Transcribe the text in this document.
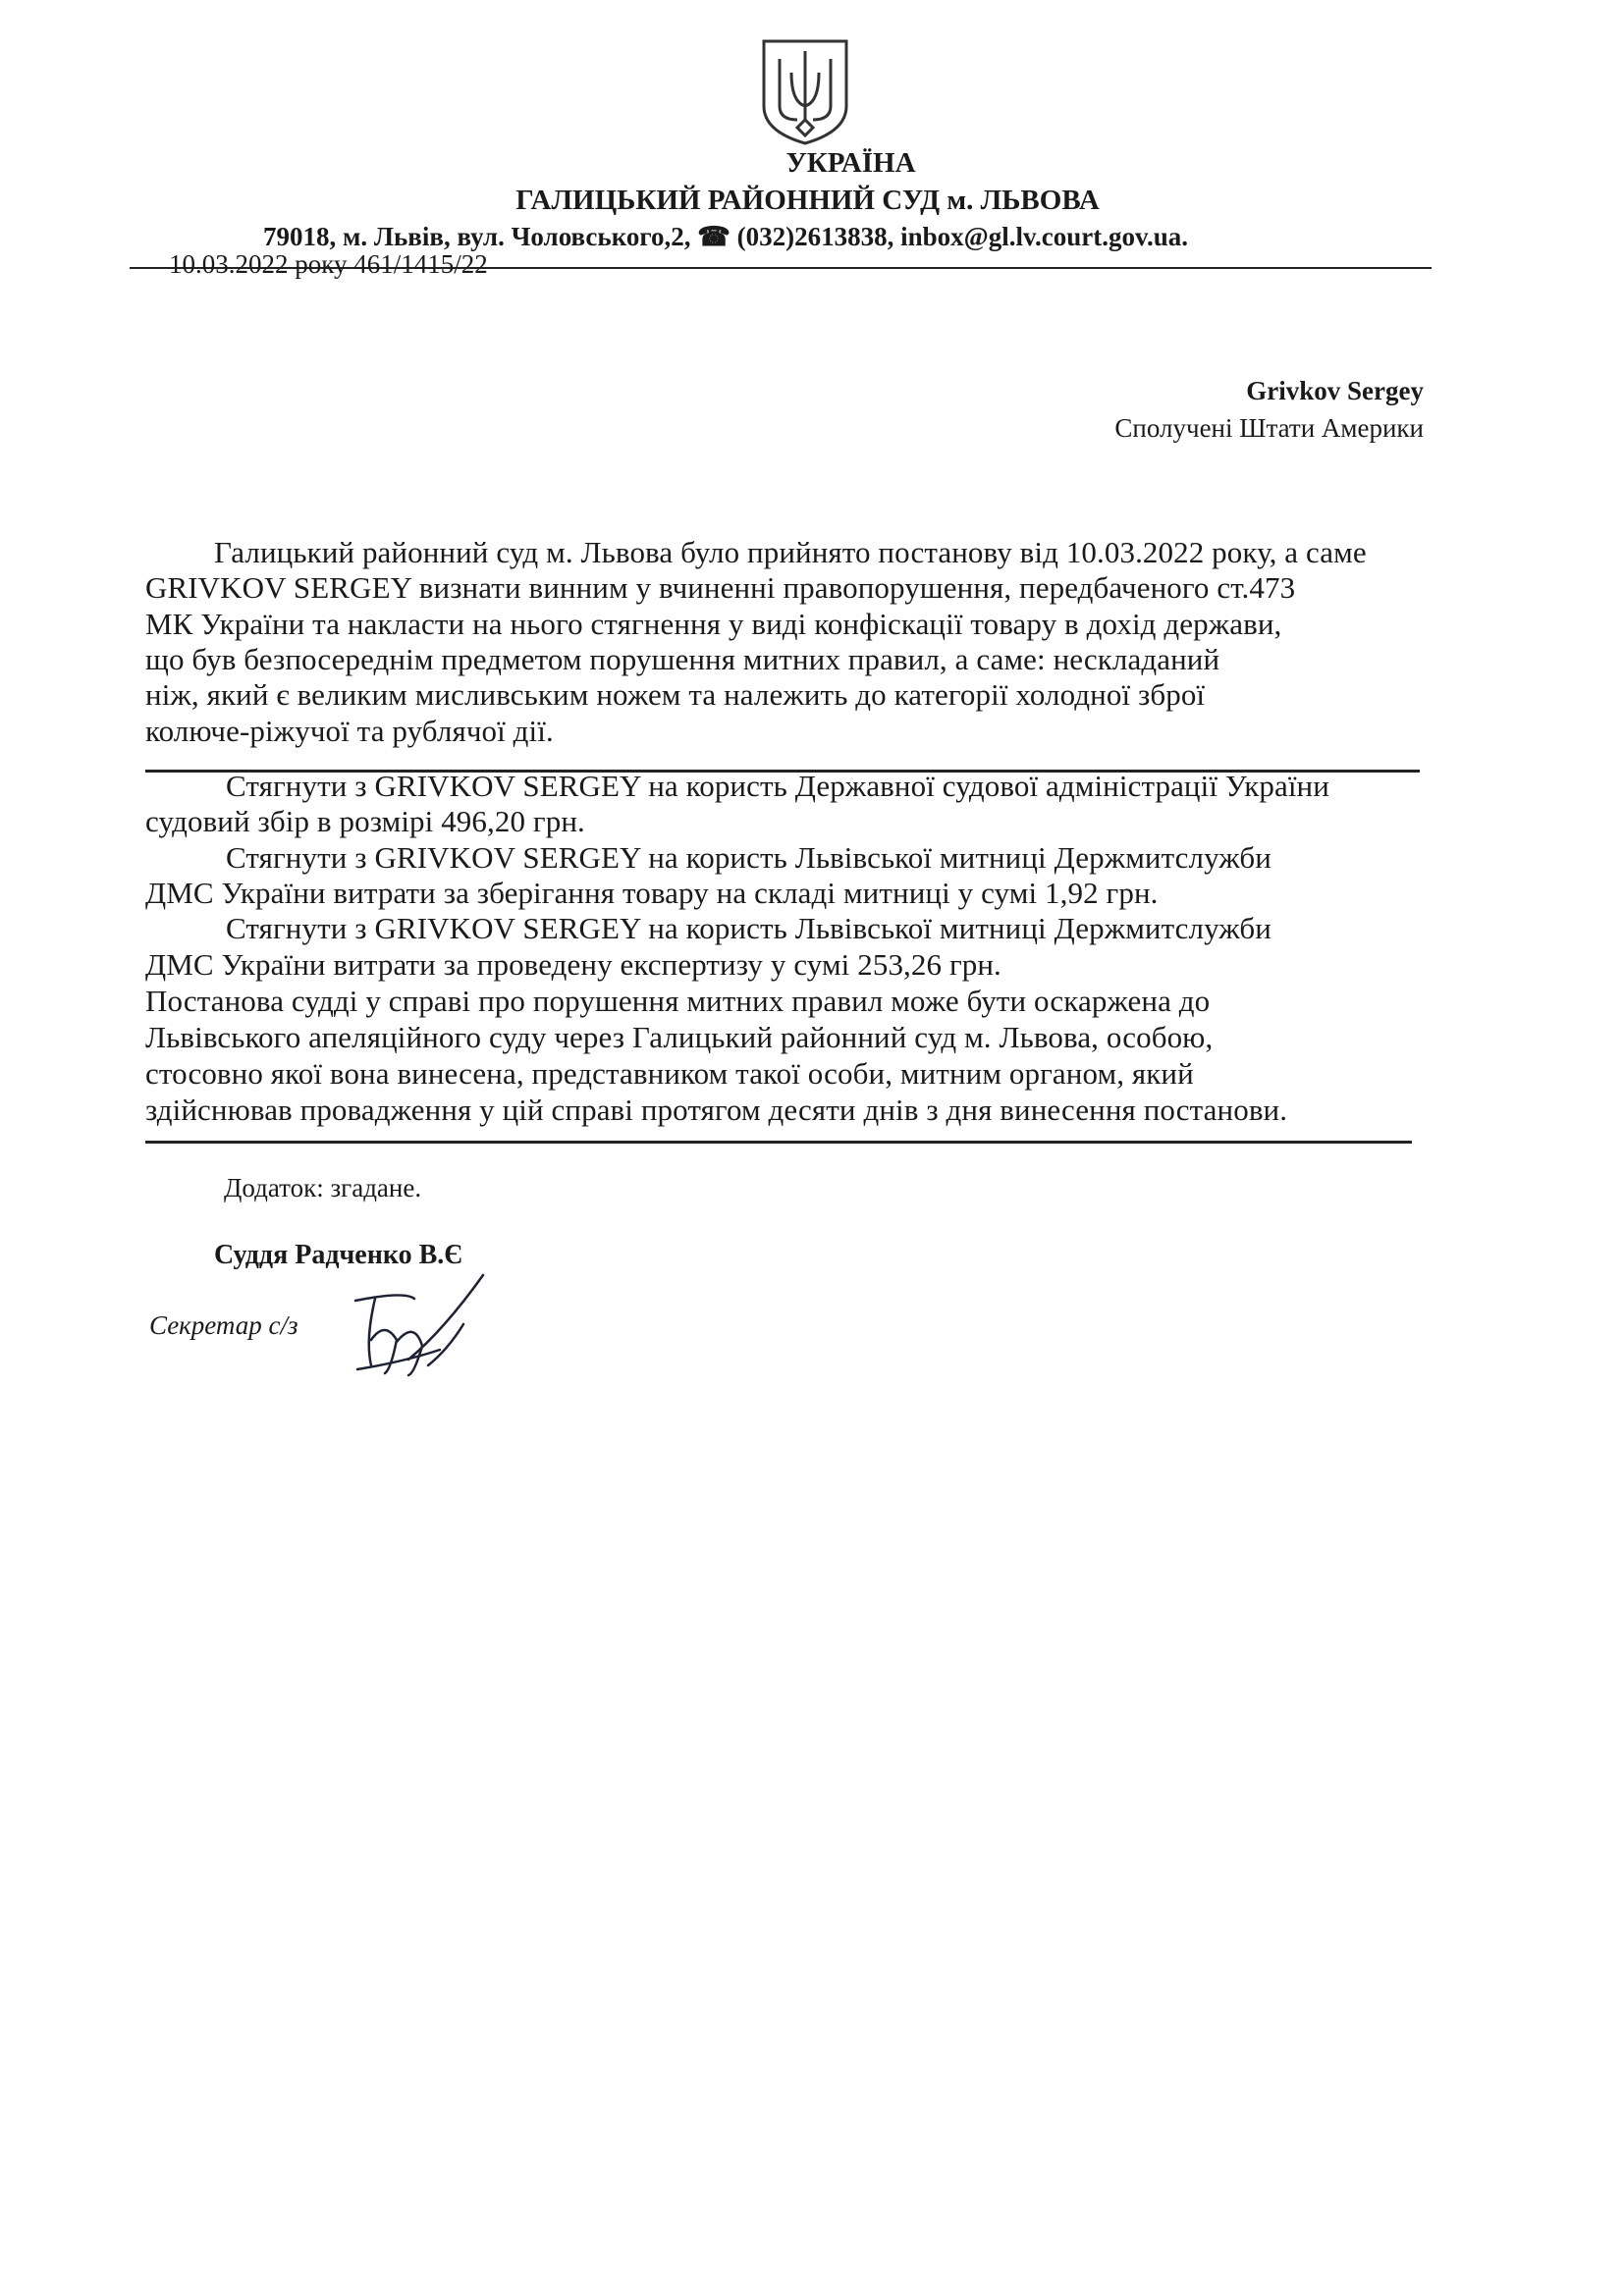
УКРАЇНА
ГАЛИЦЬКИЙ РАЙОННИЙ СУД м. ЛЬВОВА
79018, м. Львів, вул. Чоловського,2, ☎ (032)2613838, inbox@gl.lv.court.gov.ua.
10.03.2022 року 461/1415/22
Grivkov Sergey
Сполучені Штати Америки
Галицький районний суд м. Львова було прийнято постанову від 10.03.2022 року, а саме
GRIVKOV SERGEY визнати винним у вчиненні правопорушення, передбаченого ст.473
МК України та накласти на нього стягнення у виді конфіскації товару в дохід держави,
що був безпосереднім предметом порушення митних правил, а саме: нескладаний
ніж, який є великим мисливським ножем та належить до категорії холодної зброї
колюче-ріжучої та рублячої дії.
Стягнути з GRIVKOV SERGEY на користь Державної судової адміністрації України
судовий збір в розмірі 496,20 грн.
Стягнути з GRIVKOV SERGEY на користь Львівської митниці Держмитслужби
ДМС України витрати за зберігання товару на складі митниці у сумі 1,92 грн.
Стягнути з GRIVKOV SERGEY на користь Львівської митниці Держмитслужби
ДМС України витрати за проведену експертизу у сумі 253,26 грн.
Постанова судді у справі про порушення митних правил може бути оскаржена до
Львівського апеляційного суду через Галицький районний суд м. Львова, особою,
стосовно якої вона винесена, представником такої особи, митним органом, який
здійснював провадження у цій справі протягом десяти днів з дня винесення постанови.
Додаток: згадане.
Суддя Радченко В.Є
Секретар с/з
